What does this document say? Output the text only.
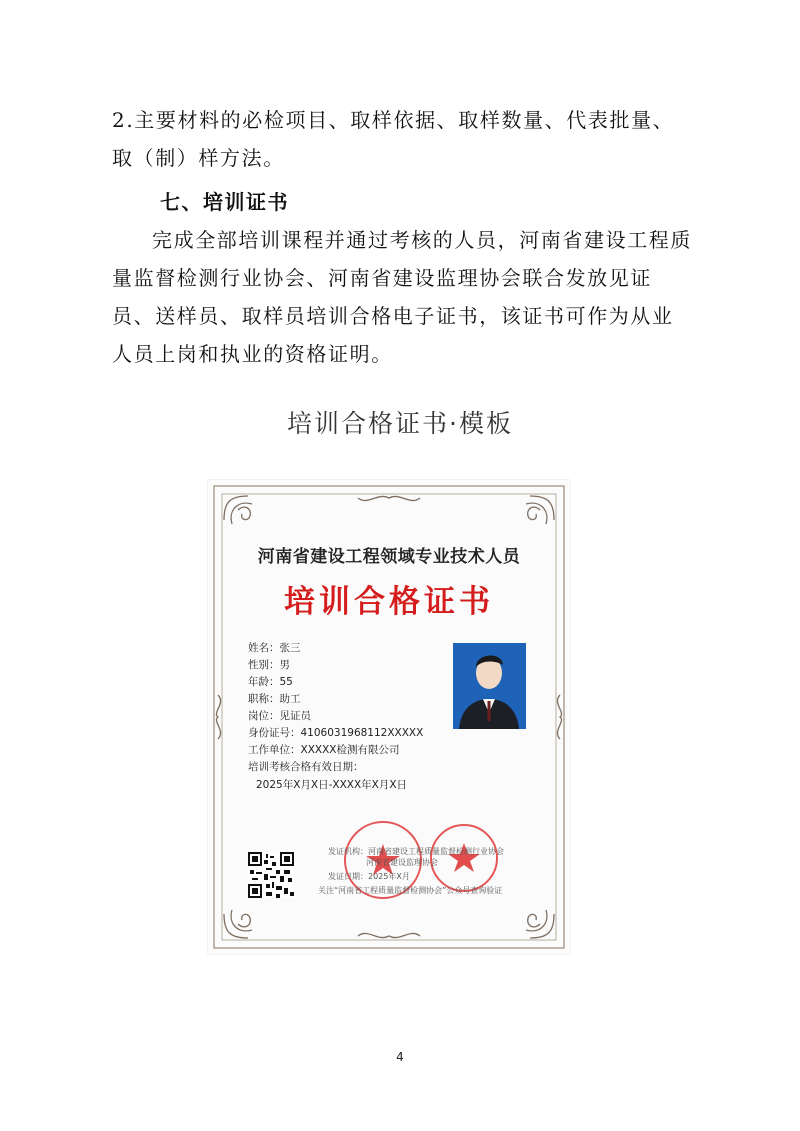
2.主要材料的必检项目、取样依据、取样数量、代表批量、取（制）样方法。

七、培训证书

完成全部培训课程并通过考核的人员，河南省建设工程质量监督检测行业协会、河南省建设监理协会联合发放见证员、送样员、取样员培训合格电子证书，该证书可作为从业人员上岗和执业的资格证明。

培训合格证书·模板
河南省建设工程领域专业技术人员
培训合格证书
姓名：张三
性别：男
年龄：55
职称：助工
岗位：见证员
身份证号：4106031968112XXXXX
工作单位：XXXXX检测有限公司
培训考核合格有效日期：
2025年X月X日-XXXX年X月X日
发证机构：河南省建设工程质量监督检测行业协会
河南省建设监理协会
发证日期：2025年X月
关注“河南省工程质量监督检测协会”公众号查询验证
4
